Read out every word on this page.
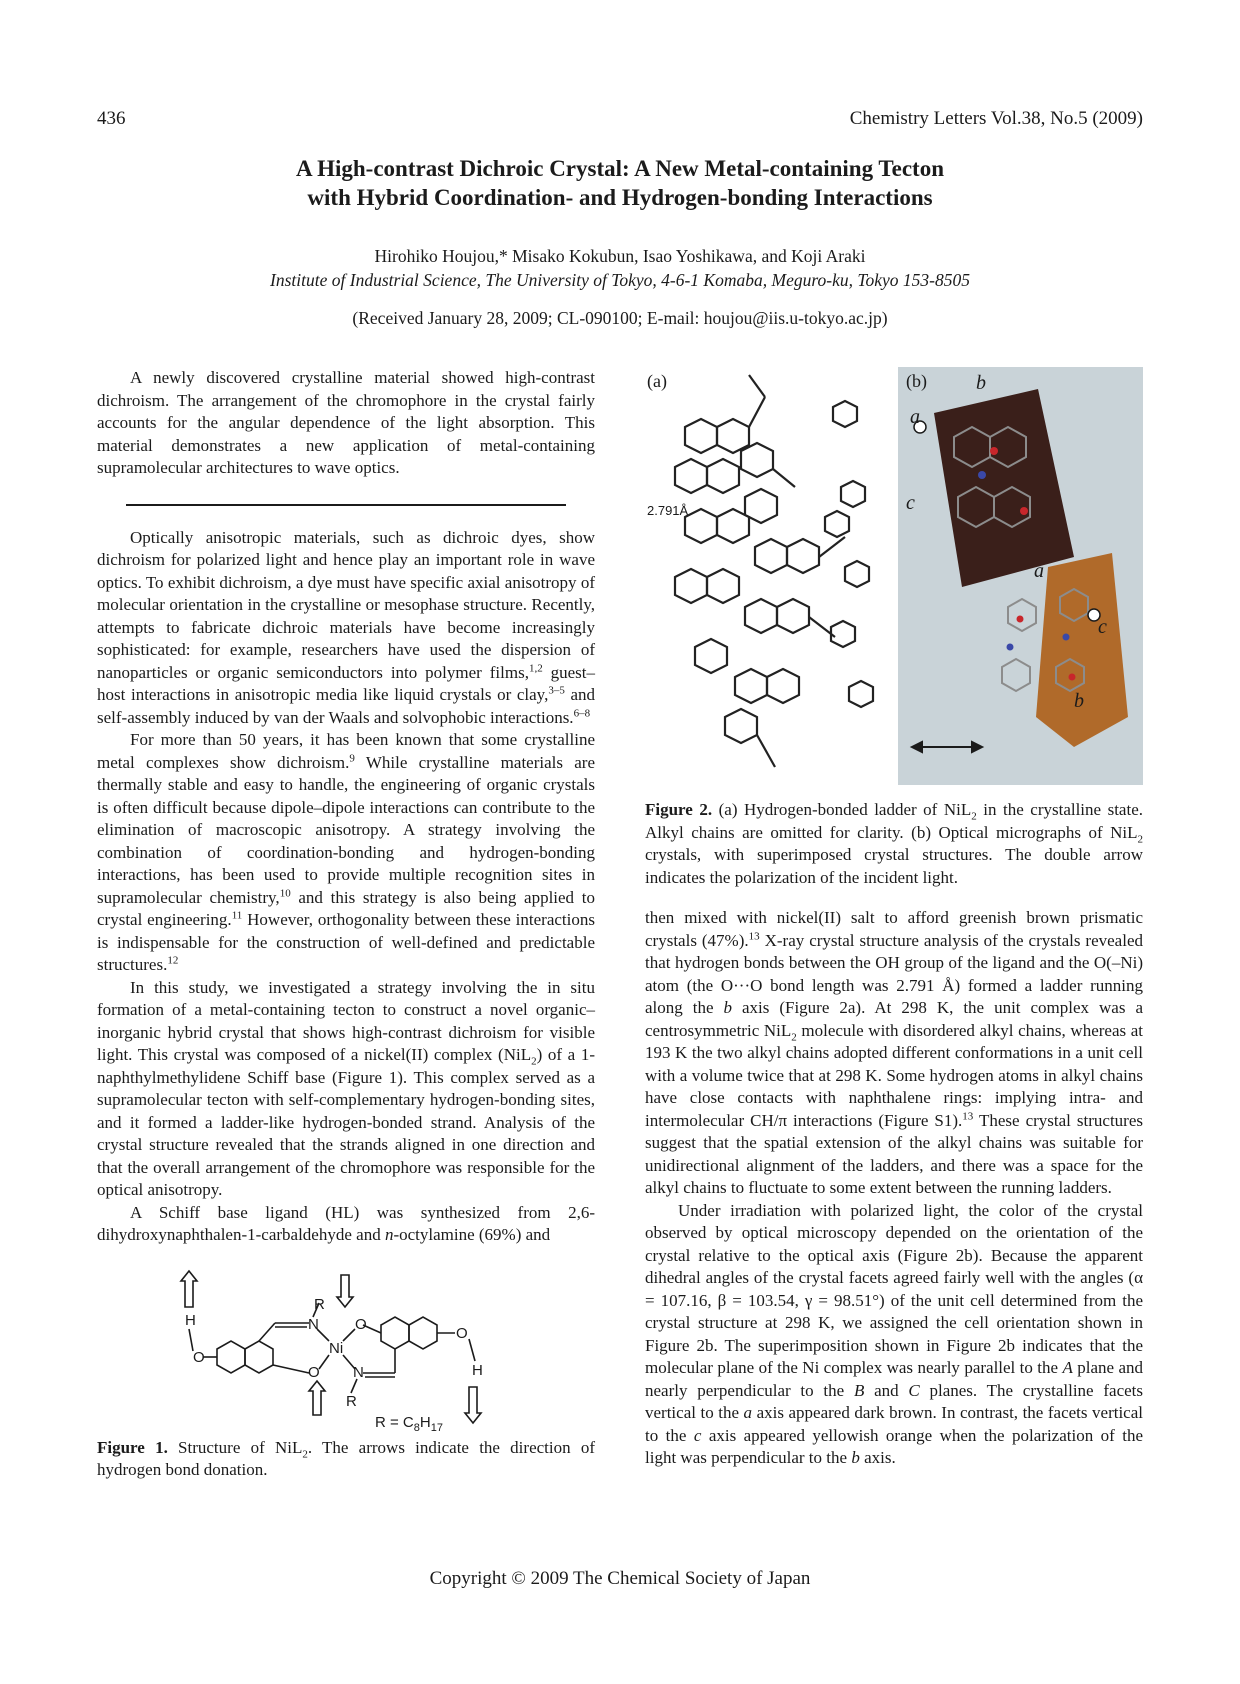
436	Chemistry Letters Vol.38, No.5 (2009)
A High-contrast Dichroic Crystal: A New Metal-containing Tecton
with Hybrid Coordination- and Hydrogen-bonding Interactions
Hirohiko Houjou,* Misako Kokubun, Isao Yoshikawa, and Koji Araki
Institute of Industrial Science, The University of Tokyo, 4-6-1 Komaba, Meguro-ku, Tokyo 153-8505
(Received January 28, 2009; CL-090100; E-mail: houjou@iis.u-tokyo.ac.jp)

A newly discovered crystalline material showed high-contrast dichroism. The arrangement of the chromophore in the crystal fairly accounts for the angular dependence of the light absorption. This material demonstrates a new application of metal-containing supramolecular architectures to wave optics.

Optically anisotropic materials, such as dichroic dyes, show dichroism for polarized light and hence play an important role in wave optics. To exhibit dichroism, a dye must have specific axial anisotropy of molecular orientation in the crystalline or mesophase structure. Recently, attempts to fabricate dichroic materials have become increasingly sophisticated: for example, researchers have used the dispersion of nanoparticles or organic semiconductors into polymer films,$^{1,2}$ guest–host interactions in anisotropic media like liquid crystals or clay,$^{3-5}$ and self-assembly induced by van der Waals and solvophobic interactions.$^{6-8}$

For more than 50 years, it has been known that some crystalline metal complexes show dichroism.$^9$ While crystalline materials are thermally stable and easy to handle, the engineering of organic crystals is often difficult because dipole–dipole interactions can contribute to the elimination of macroscopic anisotropy. A strategy involving the combination of coordination-bonding and hydrogen-bonding interactions, has been used to provide multiple recognition sites in supramolecular chemistry,$^{10}$ and this strategy is also being applied to crystal engineering.$^{11}$ However, orthogonality between these interactions is indispensable for the construction of well-defined and predictable structures.$^{12}$

In this study, we investigated a strategy involving the in situ formation of a metal-containing tecton to construct a novel organic–inorganic hybrid crystal that shows high-contrast dichroism for visible light. This crystal was composed of a nickel(II) complex (NiL$_2$) of a 1-naphthylmethylidene Schiff base (Figure 1). This complex served as a supramolecular tecton with self-complementary hydrogen-bonding sites, and it formed a ladder-like hydrogen-bonded strand. Analysis of the crystal structure revealed that the strands aligned in one direction and that the overall arrangement of the chromophore was responsible for the optical anisotropy.

A Schiff base ligand (HL) was synthesized from 2,6-dihydroxynaphthalen-1-carbaldehyde and n-octylamine (69%) and

H
O
N
R
Ni
O
O N
R
O
H
$R = C_8H_{17}$
Figure 1. Structure of NiL$_2$. The arrows indicate the direction of hydrogen bond donation.
(a)
2.791Å
(b) b
a
c
a
c
b
Figure 2. (a) Hydrogen-bonded ladder of NiL$_2$ in the crystalline state. Alkyl chains are omitted for clarity. (b) Optical micrographs of NiL$_2$ crystals, with superimposed crystal structures. The double arrow indicates the polarization of the incident light.

then mixed with nickel(II) salt to afford greenish brown prismatic crystals (47%).$^{13}$ X-ray crystal structure analysis of the crystals revealed that hydrogen bonds between the OH group of the ligand and the O(–Ni) atom (the O···O bond length was 2.791 Å) formed a ladder running along the b axis (Figure 2a). At 298 K, the unit complex was a centrosymmetric NiL$_2$ molecule with disordered alkyl chains, whereas at 193 K the two alkyl chains adopted different conformations in a unit cell with a volume twice that at 298 K. Some hydrogen atoms in alkyl chains have close contacts with naphthalene rings: implying intra- and intermolecular CH/π interactions (Figure S1).$^{13}$ These crystal structures suggest that the spatial extension of the alkyl chains was suitable for unidirectional alignment of the ladders, and there was a space for the alkyl chains to fluctuate to some extent between the running ladders.

Under irradiation with polarized light, the color of the crystal observed by optical microscopy depended on the orientation of the crystal relative to the optical axis (Figure 2b). Because the apparent dihedral angles of the crystal facets agreed fairly well with the angles (α = 107.16, β = 103.54, γ = 98.51°) of the unit cell determined from the crystal structure at 298 K, we assigned the cell orientation shown in Figure 2b. The superimposition shown in Figure 2b indicates that the molecular plane of the Ni complex was nearly parallel to the A plane and nearly perpendicular to the B and C planes. The crystalline facets vertical to the a axis appeared dark brown. In contrast, the facets vertical to the c axis appeared yellowish orange when the polarization of the light was perpendicular to the b axis.

Copyright © 2009 The Chemical Society of Japan
